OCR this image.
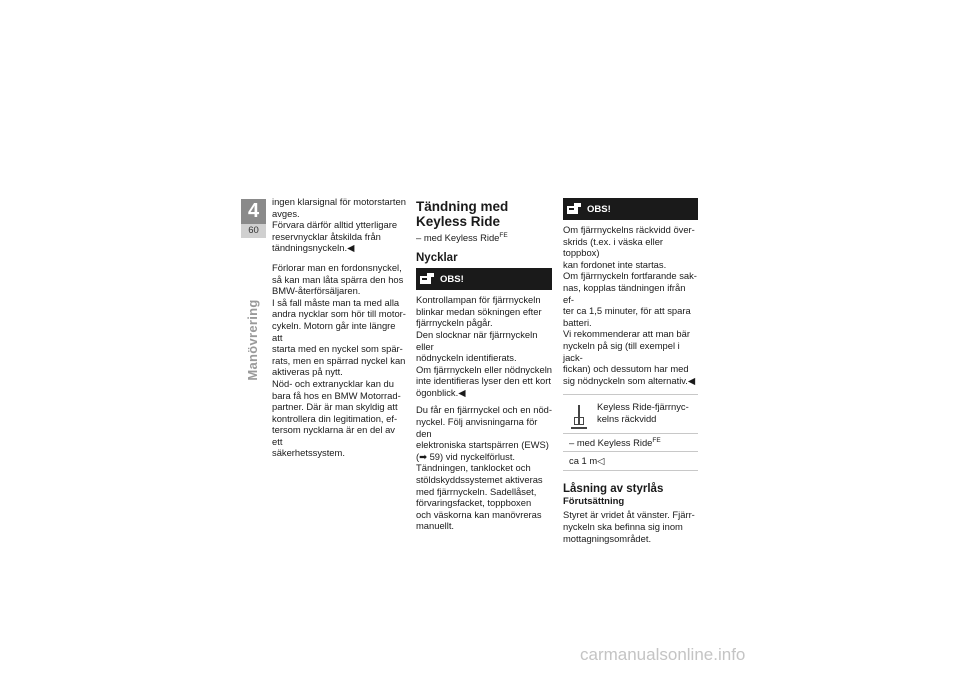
4
60
Manövrering

ingen klarsignal för motorstarten

avges.

Förvara därför alltid ytterligare

reservnycklar åtskilda från

tändningsnyckeln.◀

Förlorar man en fordonsnyckel,

så kan man låta spärra den hos

BMW-återförsäljaren.

I så fall måste man ta med alla

andra nycklar som hör till motor-

cykeln. Motorn går inte längre att

starta med en nyckel som spär-

rats, men en spärrad nyckel kan

aktiveras på nytt.

Nöd- och extranycklar kan du

bara få hos en BMW Motorrad-

partner. Där är man skyldig att

kontrollera din legitimation, ef-

tersom nycklarna är en del av ett

säkerhetssystem.

Tändning med
Keyless Ride

– med Keyless Ride$^{FE}$

Nycklar

OBS!

Kontrollampan för fjärrnyckeln

blinkar medan sökningen efter

fjärrnyckeln pågår.

Den slocknar när fjärrnyckeln eller

nödnyckeln identifierats.

Om fjärrnyckeln eller nödnyckeln

inte identifieras lyser den ett kort

ögonblick.◀

Du får en fjärrnyckel och en nöd-

nyckel. Följ anvisningarna för den

elektroniska startspärren (EWS)

(➡ 59) vid nyckelförlust.

Tändningen, tanklocket och

stöldskyddssystemet aktiveras

med fjärrnyckeln. Sadellåset,

förvaringsfacket, toppboxen

och väskorna kan manövreras

manuellt.

OBS!

Om fjärrnyckelns räckvidd över-

skrids (t.ex. i väska eller toppbox)

kan fordonet inte startas.

Om fjärrnyckeln fortfarande sak-

nas, kopplas tändningen ifrån ef-

ter ca 1,5 minuter, för att spara

batteri.

Vi rekommenderar att man bär

nyckeln på sig (till exempel i jack-

fickan) och dessutom har med

sig nödnyckeln som alternativ.◀

Keyless Ride-fjärrnyc-

kelns räckvidd

– med Keyless Ride$^{FE}$
ca 1 m◁

Låsning av styrlås

Förutsättning

Styret är vridet åt vänster. Fjärr-

nyckeln ska befinna sig inom

mottagningsområdet.

carmanualsonline.info
